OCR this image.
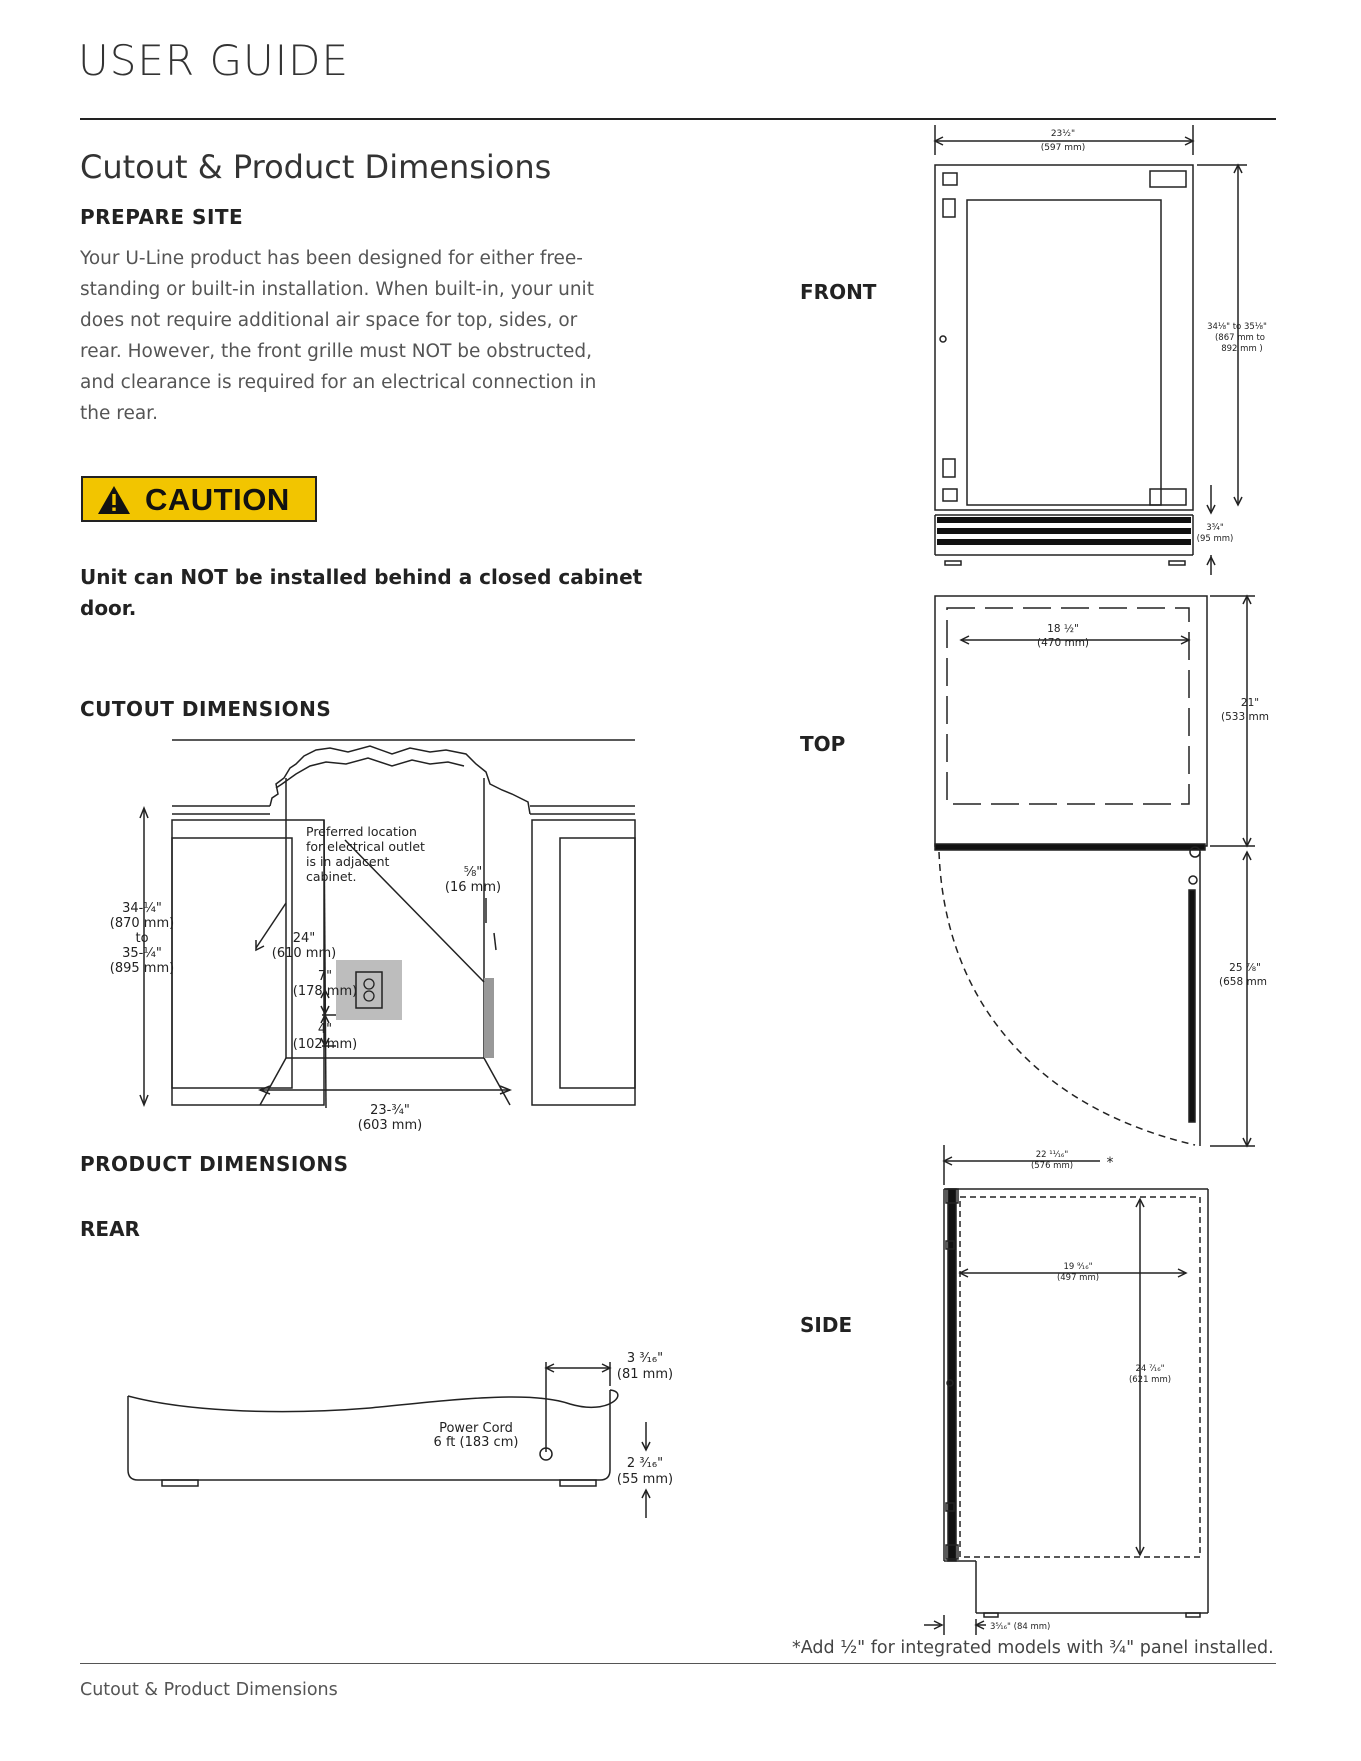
USER GUIDE
Cutout & Product Dimensions
PREPARE SITE

Your U-Line product has been designed for either free-standing or built-in installation. When built-in, your unit does not require additional air space for top, sides, or rear. However, the front grille must NOT be obstructed, and clearance is required for an electrical connection in the rear.

CAUTION

Unit can NOT be installed behind a closed cabinet door.

CUTOUT DIMENSIONS
34-¼"
(870 mm)
to
35-¼"
(895 mm)
24"
(610 mm)
7"
(178 mm)
4"
(102 mm)
23-¾"
(603 mm)
⅝"
(16 mm)
Preferred location
for electrical outlet
is in adjacent
cabinet.
PRODUCT DIMENSIONS
REAR
Power Cord
6 ft (183 cm)
3 ³⁄₁₆"
(81 mm)
2 ³⁄₁₆"
(55 mm)
FRONT
TOP
SIDE
23½"
(597 mm)
34⅛" to 35⅛"
(867 mm to
892 mm )
3¾"
(95 mm)
18 ½"
(470 mm)
21"
(533 mm
25 ⅞"
(658 mm
22 ¹¹⁄₁₆"
(576 mm) *
19 ⁹⁄₁₆"
(497 mm)
24 ⁷⁄₁₆"
(621 mm)
3⁵⁄₁₆" (84 mm)
*Add ½" for integrated models with ¾" panel installed.
Cutout & Product Dimensions
